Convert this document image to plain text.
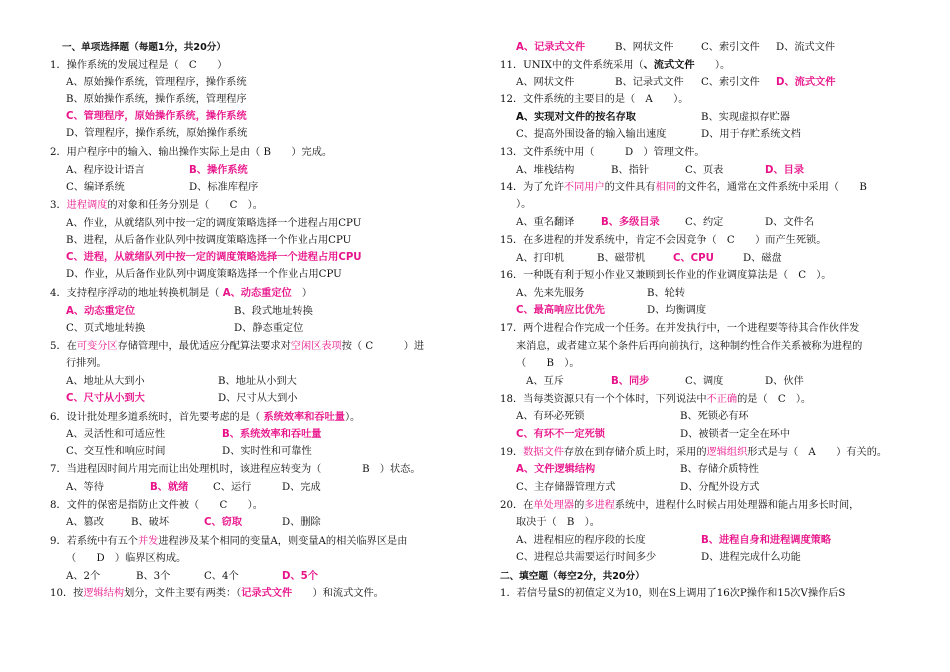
一、单项选择题（每题1分，共20分）
1．操作系统的发展过程是（　C　　）
A、原始操作系统，管理程序，操作系统
B、原始操作系统，操作系统，管理程序
C、管理程序，原始操作系统，操作系统
D、管理程序，操作系统，原始操作系统
2．用户程序中的输入、输出操作实际上是由（ B　　）完成。
A、程序设计语言	B、操作系统
C、编译系统	D、标准库程序
3．进程调度的对象和任务分别是（　　C　）。
A、作业，从就绪队列中按一定的调度策略选择一个进程占用CPU
B、进程，从后备作业队列中按调度策略选择一个作业占用CPU
C、进程，从就绪队列中按一定的调度策略选择一个进程占用CPU
D、作业，从后备作业队列中调度策略选择一个作业占用CPU
4．支持程序浮动的地址转换机制是（ A、动态重定位　）
A、动态重定位	B、段式地址转换
C、页式地址转换	D、静态重定位
5．在可变分区存储管理中，最优适应分配算法要求对空闲区表项按（ C　　　）进
行排列。
A、地址从大到小	B、地址从小到大
C、尺寸从小到大	D、尺寸从大到小
6．设计批处理多道系统时，首先要考虑的是（ 系统效率和吞吐量）。
A、灵活性和可适应性	B、系统效率和吞吐量
C、交互性和响应时间	D、实时性和可靠性
7．当进程因时间片用完而让出处理机时，该进程应转变为（　　　　B　）状态。
A、等待	B、就绪 C、运行	D、完成
8．文件的保密是指防止文件被（　　C　　）。
A、篡改	B、破坏	C、窃取	D、删除
9．若系统中有五个并发进程涉及某个相同的变量A，则变量A的相关临界区是由
（　　D　）临界区构成。
A、2个	B、3个	C、4个	D、5个
10．按逻辑结构划分，文件主要有两类：（记录式文件　　）和流式文件。
A、记录式文件	B、网状文件	C、索引文件 D、流式文件
11．UNIX中的文件系统采用（、流式文件　　）。
A、网状文件	B、记录式文件 C、索引文件 D、流式文件
12．文件系统的主要目的是（　A　　）。
A、实现对文件的按名存取	B、实现虚拟存贮器
C、提高外围设备的输入输出速度	D、用于存贮系统文档
13．文件系统中用（　　　D　）管理文件。
A、堆栈结构	B、指针	C、页表	D、目录
14．为了允许不同用户的文件具有相同的文件名，通常在文件系统中采用（　　B
）。
A、重名翻译	B、多级目录 C、约定	D、文件名
15．在多进程的并发系统中，肯定不会因竞争（　C　　）而产生死锁。
A、打印机	B、磁带机	C、CPU	D、磁盘
16．一种既有利于短小作业又兼顾到长作业的作业调度算法是（　C　）。
A、先来先服务	B、轮转
C、最高响应比优先	D、均衡调度
17．两个进程合作完成一个任务。在并发执行中，一个进程要等待其合作伙伴发
来消息，或者建立某个条件后再向前执行，这种制约性合作关系被称为进程的
（　　B　）。
A、互斥	B、同步	C、调度	D、伙伴
18．当每类资源只有一个个体时，下列说法中不正确的是（　C　）。
A、有环必死锁	B、死锁必有环
C、有环不一定死锁	D、被锁者一定全在环中
19．数据文件存放在到存储介质上时，采用的逻辑组织形式是与（　A　　）有关的。
A、文件逻辑结构	B、存储介质特性
C、主存储器管理方式	D、分配外设方式
20．在单处理器的多进程系统中，进程什么时候占用处理器和能占用多长时间，
取决于（　B　）。
A、进程相应的程序段的长度	B、进程自身和进程调度策略
C、进程总共需要运行时间多少	D、进程完成什么功能
二、填空题（每空2分，共20分）
1．若信号量S的初值定义为10，则在S上调用了16次P操作和15次V操作后S
